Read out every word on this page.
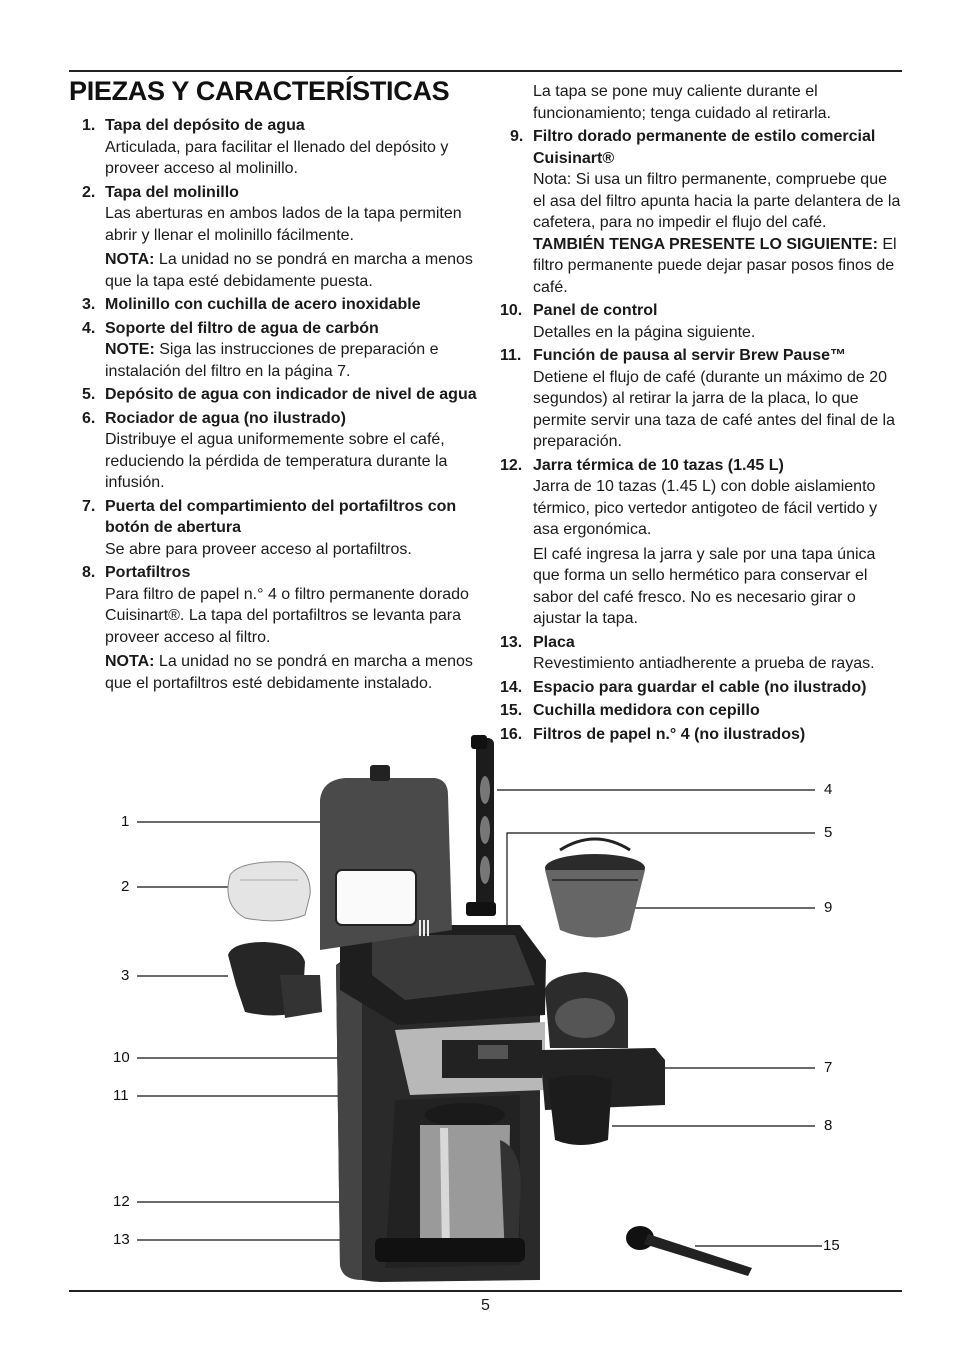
PIEZAS Y CARACTERÍSTICAS
1. Tapa del depósito de agua
Articulada, para facilitar el llenado del depósito y proveer acceso al molinillo.
2. Tapa del molinillo
Las aberturas en ambos lados de la tapa permiten abrir y llenar el molinillo fácilmente.
NOTA: La unidad no se pondrá en marcha a menos que la tapa esté debidamente puesta.
3. Molinillo con cuchilla de acero inoxidable
4. Soporte del filtro de agua de carbón
NOTE: Siga las instrucciones de preparación e instalación del filtro en la página 7.
5. Depósito de agua con indicador de nivel de agua
6. Rociador de agua (no ilustrado)
Distribuye el agua uniformemente sobre el café, reduciendo la pérdida de temperatura durante la infusión.
7. Puerta del compartimiento del portafiltros con botón de abertura
Se abre para proveer acceso al portafiltros.
8. Portafiltros
Para filtro de papel n.° 4 o filtro permanente dorado Cuisinart®. La tapa del portafiltros se levanta para proveer acceso al filtro.
NOTA: La unidad no se pondrá en marcha a menos que el portafiltros esté debidamente instalado.
La tapa se pone muy caliente durante el funcionamiento; tenga cuidado al retirarla.
9. Filtro dorado permanente de estilo comercial Cuisinart®
Nota: Si usa un filtro permanente, compruebe que el asa del filtro apunta hacia la parte delantera de la cafetera, para no impedir el flujo del café. TAMBIÉN TENGA PRESENTE LO SIGUIENTE: El filtro permanente puede dejar pasar posos finos de café.
10. Panel de control
Detalles en la página siguiente.
11. Función de pausa al servir Brew Pause™
Detiene el flujo de café (durante un máximo de 20 segundos) al retirar la jarra de la placa, lo que permite servir una taza de café antes del final de la preparación.
12. Jarra térmica de 10 tazas (1.45 L)
Jarra de 10 tazas (1.45 L) con doble aislamiento térmico, pico vertedor antigoteo de fácil vertido y asa ergonómica.
El café ingresa la jarra y sale por una tapa única que forma un sello hermético para conservar el sabor del café fresco. No es necesario girar o ajustar la tapa.
13. Placa
Revestimiento antiadherente a prueba de rayas.
14. Espacio para guardar el cable (no ilustrado)
15. Cuchilla medidora con cepillo
16. Filtros de papel n.° 4 (no ilustrados)
1
2
3
10
11
12
13
4
5
9
7
8
15
5
